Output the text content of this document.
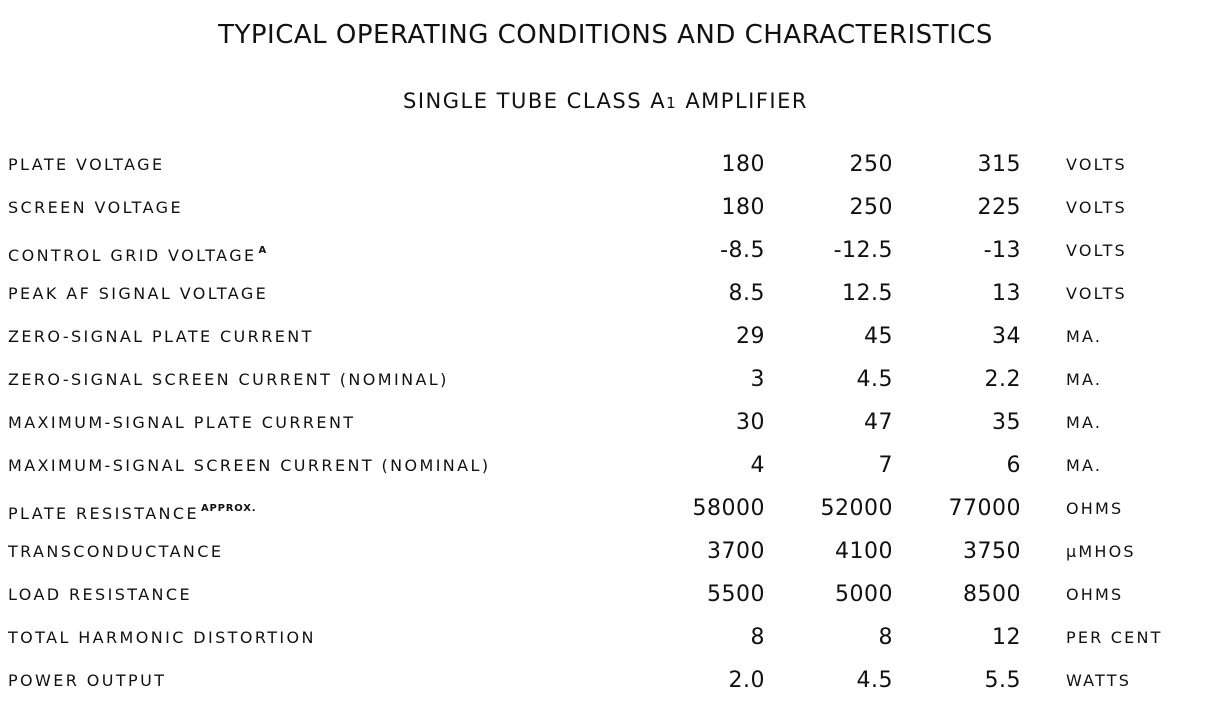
TYPICAL OPERATING CONDITIONS AND CHARACTERISTICS
SINGLE TUBE CLASS A1 AMPLIFIER
PLATE VOLTAGE	180	250	315	VOLTS
SCREEN VOLTAGE	180	250	225	VOLTS
CONTROL GRID VOLTAGE $^A$	-8.5	-12.5	-13	VOLTS
PEAK AF SIGNAL VOLTAGE	8.5	12.5	13	VOLTS
ZERO-SIGNAL PLATE CURRENT	29	45	34	MA.
ZERO-SIGNAL SCREEN CURRENT (NOMINAL)	3	4.5	2.2	MA.
MAXIMUM-SIGNAL PLATE CURRENT	30	47	35	MA.
MAXIMUM-SIGNAL SCREEN CURRENT (NOMINAL)	4	7	6	MA.
PLATE RESISTANCE $^{APPROX.}$	58000	52000	77000	OHMS
TRANSCONDUCTANCE	3700	4100	3750	µMHOS
LOAD RESISTANCE	5500	5000	8500	OHMS
TOTAL HARMONIC DISTORTION	8	8	12	PER CENT
POWER OUTPUT	2.0	4.5	5.5	WATTS
